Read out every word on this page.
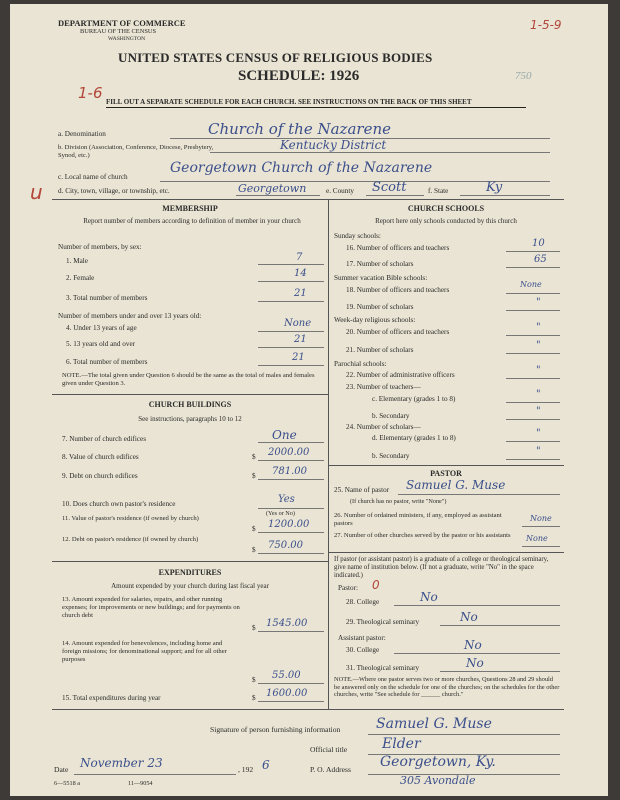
DEPARTMENT OF COMMERCE
BUREAU OF THE CENSUS
WASHINGTON
UNITED STATES CENSUS OF RELIGIOUS BODIES
SCHEDULE: 1926
FILL OUT A SEPARATE SCHEDULE FOR EACH CHURCH. SEE INSTRUCTIONS ON THE BACK OF THIS SHEET
1-5-9
750
1-6
u
a. Denomination	Church of the Nazarene
b. Division (Association, Conference, Diocese, Presbytery, Synod, etc.)
Kentucky District
c. Local name of church
Georgetown Church of the Nazarene
d. City, town, village, or township, etc.	Georgetown	e. County Scott	f. State	Ky
MEMBERSHIP
Report number of members according to definition of member in your church
Number of members, by sex:
1. Male	7
2. Female	14
3. Total number of members	21
Number of members under and over 13 years old:
4. Under 13 years of age	None
5. 13 years old and over	21
6. Total number of members	21
NOTE.—The total given under Question 6 should be the same as the total of males and females given under Question 3.
CHURCH BUILDINGS
See instructions, paragraphs 10 to 12
7. Number of church edifices	One
8. Value of church edifices	$ 2000.00
9. Debt on church edifices	$ 781.00
10. Does church own pastor's residence
(Yes or No)
Yes
11. Value of pastor's residence (if owned by church)
$ 1200.00
12. Debt on pastor's residence (if owned by church)
$ 750.00
EXPENDITURES
Amount expended by your church during last fiscal year
13. Amount expended for salaries, repairs, and other running expenses; for improvements or new buildings; and for payments on church debt
$ 1545.00
14. Amount expended for benevolences, including home and foreign missions; for denominational support; and for all other purposes
$ 55.00
15. Total expenditures during year	$ 1600.00
CHURCH SCHOOLS
Report here only schools conducted by this church
Sunday schools:
16. Number of officers and teachers	10
17. Number of scholars	65
Summer vacation Bible schools:
18. Number of officers and teachers
None
19. Number of scholars	"
Week-day religious schools:
20. Number of officers and teachers	"
21. Number of scholars	"
Parochial schools:
22. Number of administrative officers	"
23. Number of teachers—
c. Elementary (grades 1 to 8)	"
b. Secondary	"
24. Number of scholars—
d. Elementary (grades 1 to 8)	"
b. Secondary	"
PASTOR
25. Name of pastor Samuel G. Muse
(If church has no pastor, write "None")
26. Number of ordained ministers, if any, employed as assistant pastors
None
27. Number of other churches served by the pastor or his assistants	None
If pastor (or assistant pastor) is a graduate of a college or theological seminary, give name of institution below. (If not a graduate, write "No" in the space indicated.)
Pastor: 0
28. College	No
29. Theological seminary	No
Assistant pastor:
30. College	No
31. Theological seminary	No
NOTE.—Where one pastor serves two or more churches, Questions 28 and 29 should be answered only on the schedule for one of the churches; on the schedules for the other churches, write "See schedule for ______ church."
Signature of person furnishing information	Samuel G. Muse
Official title Elder
Date November 23	, 192 6	P. O. Address Georgetown, Ky.
305 Avondale
6—5518 a	11—9054
